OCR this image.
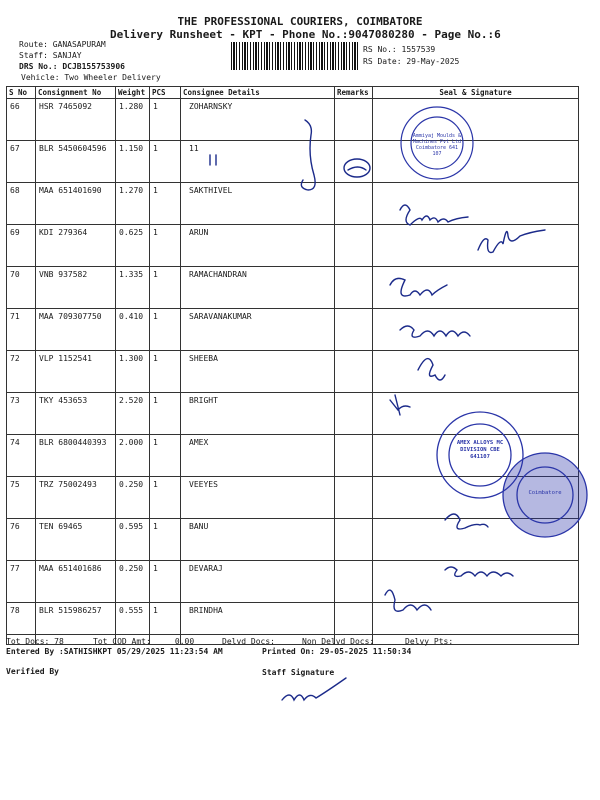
THE PROFESSIONAL COURIERS, COIMBATORE
Delivery Runsheet - KPT - Phone No.:9047080280 - Page No.:6
Route: GANASAPURAM
Staff: SANJAY
DRS No.: DCJB155753906
Vehicle: Two Wheeler Delivery
RS No.: 1557539
RS Date: 29-May-2025
S No	Consignment No	Weight	PCS	Consignee Details	Remarks	Seal & Signature
66	HSR 7465092	1.280	1	ZOHARNSKY		
67	BLR 5450604596	1.150	1	11		
68	MAA 651401690	1.270	1	SAKTHIVEL		
69	KDI 279364	0.625	1	ARUN		
70	VNB 937582	1.335	1	RAMACHANDRAN		
71	MAA 709307750	0.410	1	SARAVANAKUMAR		
72	VLP 1152541	1.300	1	SHEEBA		
73	TKY 453653	2.520	1	BRIGHT		
74	BLR 6800440393	2.000	1	AMEX		
75	TRZ 75002493	0.250	1	VEEYES		
76	TEN 69465	0.595	1	BANU		
77	MAA 651401686	0.250	1	DEVARAJ		
78	BLR 515986257	0.555	1	BRINDHA		
Tot Docs: 78	Tot COD Amt:     0.00	Delvd Docs:	Non Delvd Docs:	Delvy Pts:
Entered By :SATHISHKPT 05/29/2025 11:23:54 AM	Printed On: 29-05-2025 11:50:34
Verified By	Staff Signature
Ammiyaj Moulds & Machines Pvt Ltd Coimbatore 641 107
AMEX ALLOYS MC DIVISION CBE 641107
Coimbatore
